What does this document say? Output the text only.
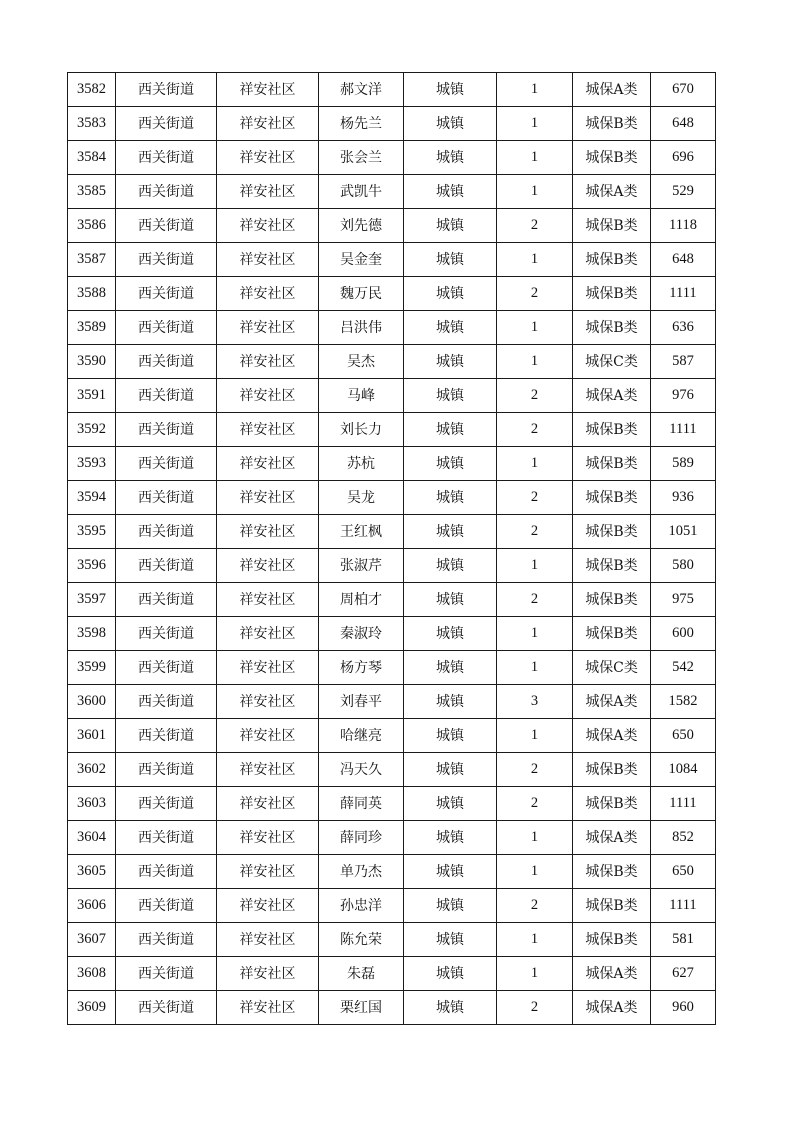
3582	西关街道	祥安社区	郝文洋	城镇	1	城保A类	670
3583	西关街道	祥安社区	杨先兰	城镇	1	城保B类	648
3584	西关街道	祥安社区	张会兰	城镇	1	城保B类	696
3585	西关街道	祥安社区	武凯牛	城镇	1	城保A类	529
3586	西关街道	祥安社区	刘先德	城镇	2	城保B类	1118
3587	西关街道	祥安社区	吴金奎	城镇	1	城保B类	648
3588	西关街道	祥安社区	魏万民	城镇	2	城保B类	1111
3589	西关街道	祥安社区	吕洪伟	城镇	1	城保B类	636
3590	西关街道	祥安社区	吴杰	城镇	1	城保C类	587
3591	西关街道	祥安社区	马峰	城镇	2	城保A类	976
3592	西关街道	祥安社区	刘长力	城镇	2	城保B类	1111
3593	西关街道	祥安社区	苏杭	城镇	1	城保B类	589
3594	西关街道	祥安社区	吴龙	城镇	2	城保B类	936
3595	西关街道	祥安社区	王红枫	城镇	2	城保B类	1051
3596	西关街道	祥安社区	张淑芹	城镇	1	城保B类	580
3597	西关街道	祥安社区	周柏才	城镇	2	城保B类	975
3598	西关街道	祥安社区	秦淑玲	城镇	1	城保B类	600
3599	西关街道	祥安社区	杨方琴	城镇	1	城保C类	542
3600	西关街道	祥安社区	刘春平	城镇	3	城保A类	1582
3601	西关街道	祥安社区	哈继亮	城镇	1	城保A类	650
3602	西关街道	祥安社区	冯天久	城镇	2	城保B类	1084
3603	西关街道	祥安社区	薛同英	城镇	2	城保B类	1111
3604	西关街道	祥安社区	薛同珍	城镇	1	城保A类	852
3605	西关街道	祥安社区	单乃杰	城镇	1	城保B类	650
3606	西关街道	祥安社区	孙忠洋	城镇	2	城保B类	1111
3607	西关街道	祥安社区	陈允荣	城镇	1	城保B类	581
3608	西关街道	祥安社区	朱磊	城镇	1	城保A类	627
3609	西关街道	祥安社区	栗红国	城镇	2	城保A类	960
